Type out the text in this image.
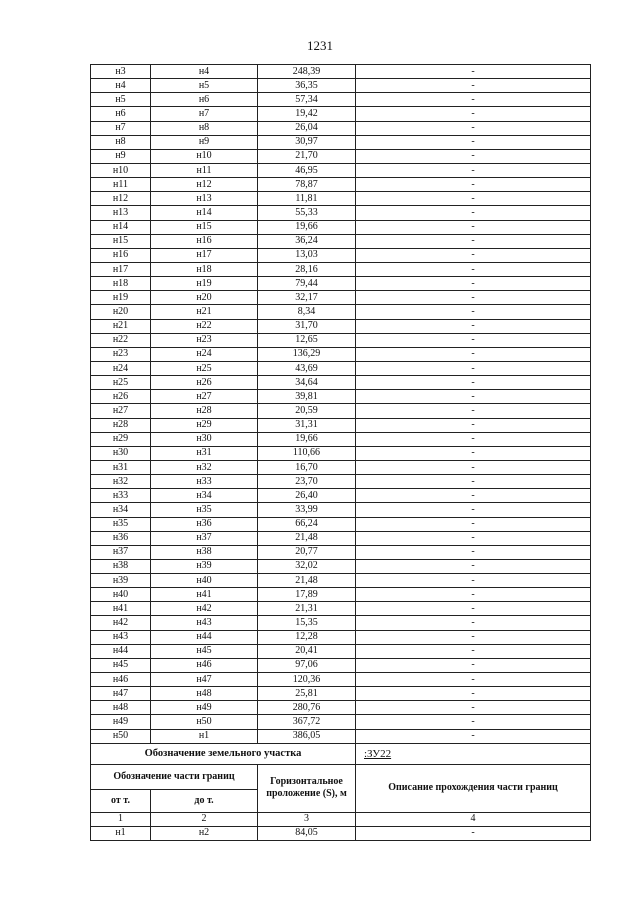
1231
н3	н4	248,39	-
н4	н5	36,35	-
н5	н6	57,34	-
н6	н7	19,42	-
н7	н8	26,04	-
н8	н9	30,97	-
н9	н10	21,70	-
н10	н11	46,95	-
н11	н12	78,87	-
н12	н13	11,81	-
н13	н14	55,33	-
н14	н15	19,66	-
н15	н16	36,24	-
н16	н17	13,03	-
н17	н18	28,16	-
н18	н19	79,44	-
н19	н20	32,17	-
н20	н21	8,34	-
н21	н22	31,70	-
н22	н23	12,65	-
н23	н24	136,29	-
н24	н25	43,69	-
н25	н26	34,64	-
н26	н27	39,81	-
н27	н28	20,59	-
н28	н29	31,31	-
н29	н30	19,66	-
н30	н31	110,66	-
н31	н32	16,70	-
н32	н33	23,70	-
н33	н34	26,40	-
н34	н35	33,99	-
н35	н36	66,24	-
н36	н37	21,48	-
н37	н38	20,77	-
н38	н39	32,02	-
н39	н40	21,48	-
н40	н41	17,89	-
н41	н42	21,31	-
н42	н43	15,35	-
н43	н44	12,28	-
н44	н45	20,41	-
н45	н46	97,06	-
н46	н47	120,36	-
н47	н48	25,81	-
н48	н49	280,76	-
н49	н50	367,72	-
н50	н1	386,05	-
Обозначение земельного участка			:ЗУ22
Обозначение части границ		Горизонтальное проложение (S), м	Описание прохождения части границ
от т.	до т.		
1	2	3	4
н1	н2	84,05	-
